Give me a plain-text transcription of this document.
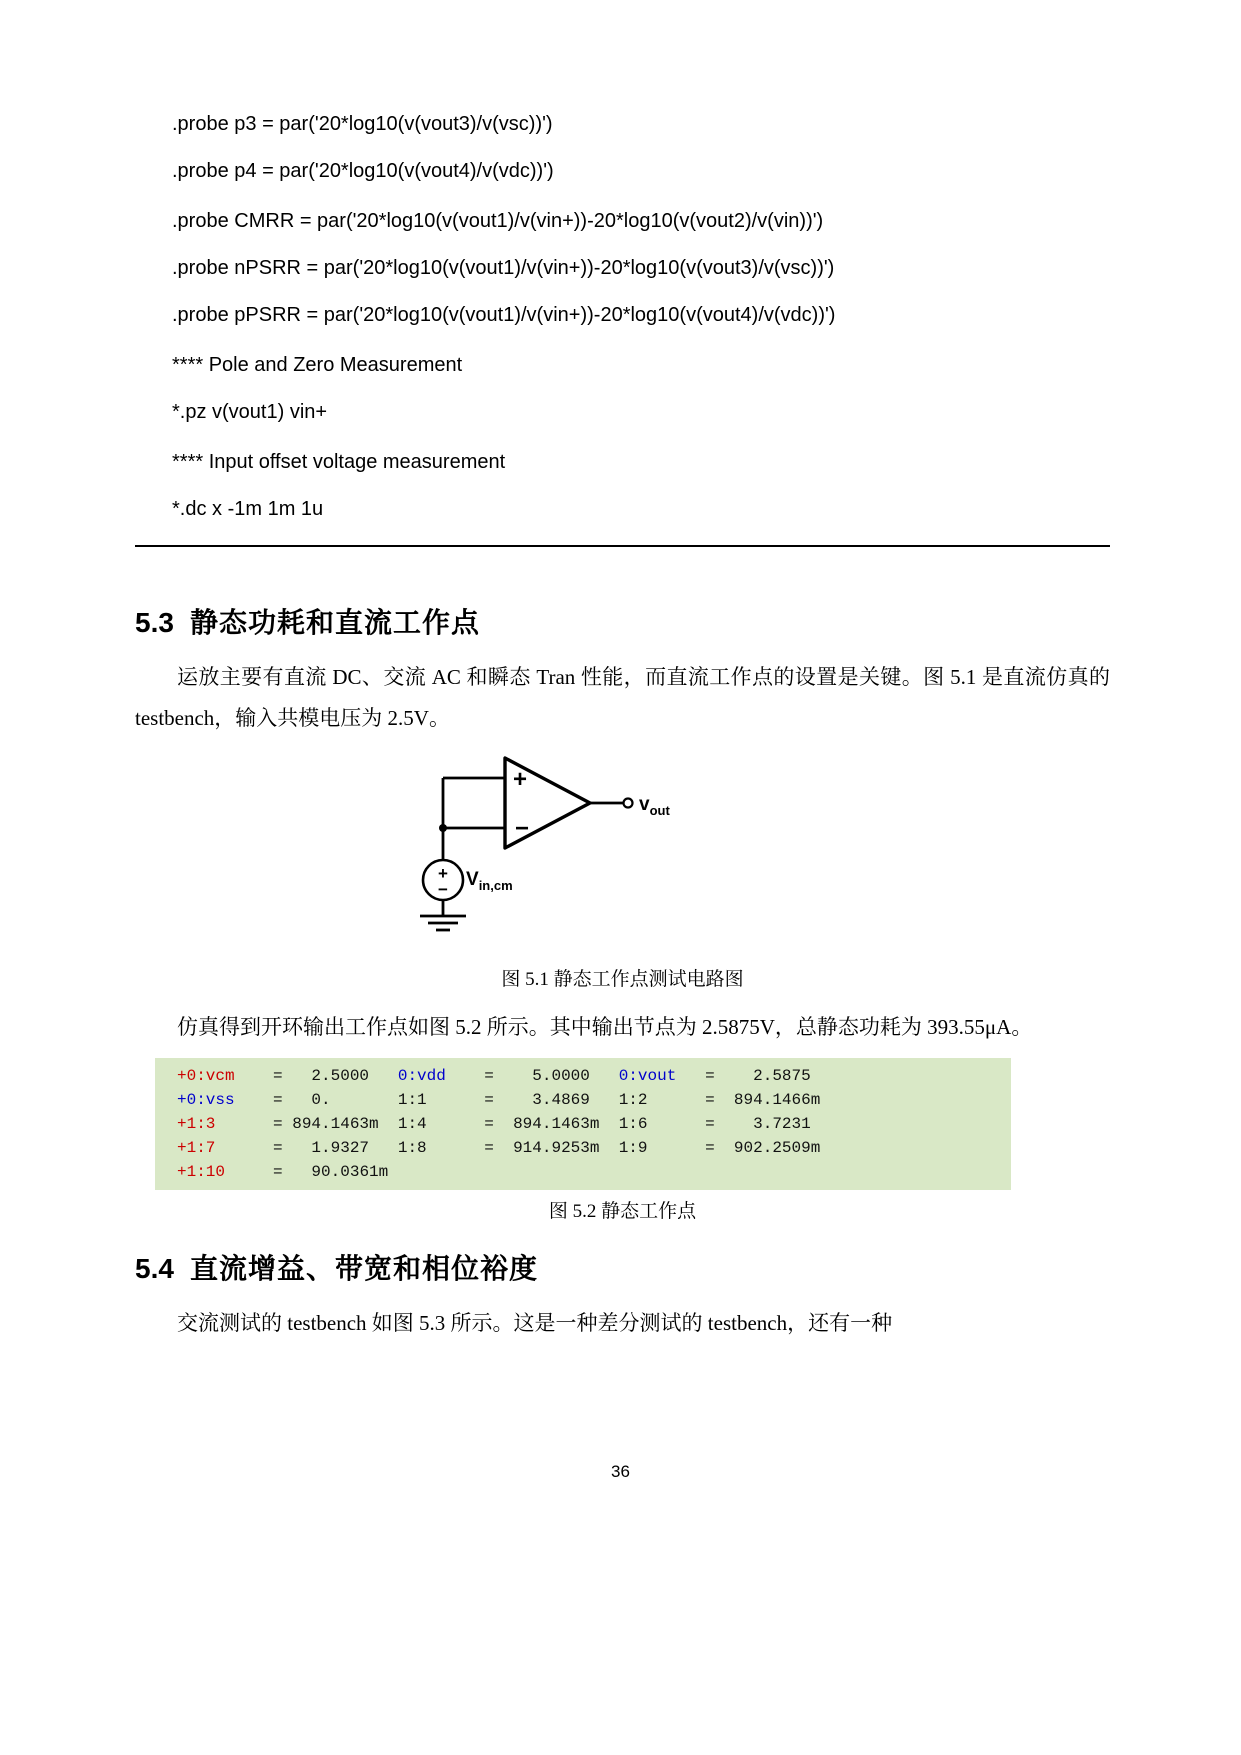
.probe p3 = par('20*log10(v(vout3)/v(vsc))')
.probe p4 = par('20*log10(v(vout4)/v(vdc))')
.probe CMRR = par('20*log10(v(vout1)/v(vin+))-20*log10(v(vout2)/v(vin))')
.probe nPSRR = par('20*log10(v(vout1)/v(vin+))-20*log10(v(vout3)/v(vsc))')
.probe pPSRR = par('20*log10(v(vout1)/v(vin+))-20*log10(v(vout4)/v(vdc))')
**** Pole and Zero Measurement
*.pz v(vout1) vin+
**** Input offset voltage measurement
*.dc x -1m 1m 1u
5.3 静态功耗和直流工作点

运放主要有直流 DC、交流 AC 和瞬态 Tran 性能，而直流工作点的设置是关键。图 5.1 是直流仿真的 testbench，输入共模电压为 2.5V。

+
−
+
−
$v_{out}$
$V_{in,cm}$
图 5.1 静态工作点测试电路图

仿真得到开环输出工作点如图 5.2 所示。其中输出节点为 2.5875V，总静态功耗为 393.55μA。

+0:vcm    =   2.5000   0:vdd    =    5.0000   0:vout   =    2.5875
+0:vss    =   0.       1:1      =    3.4869   1:2      =  894.1466m
+1:3      = 894.1463m  1:4      =  894.1463m  1:6      =    3.7231
+1:7      =   1.9327   1:8      =  914.9253m  1:9      =  902.2509m
+1:10     =   90.0361m
图 5.2 静态工作点
5.4 直流增益、带宽和相位裕度

交流测试的 testbench 如图 5.3 所示。这是一种差分测试的 testbench，还有一种

36
